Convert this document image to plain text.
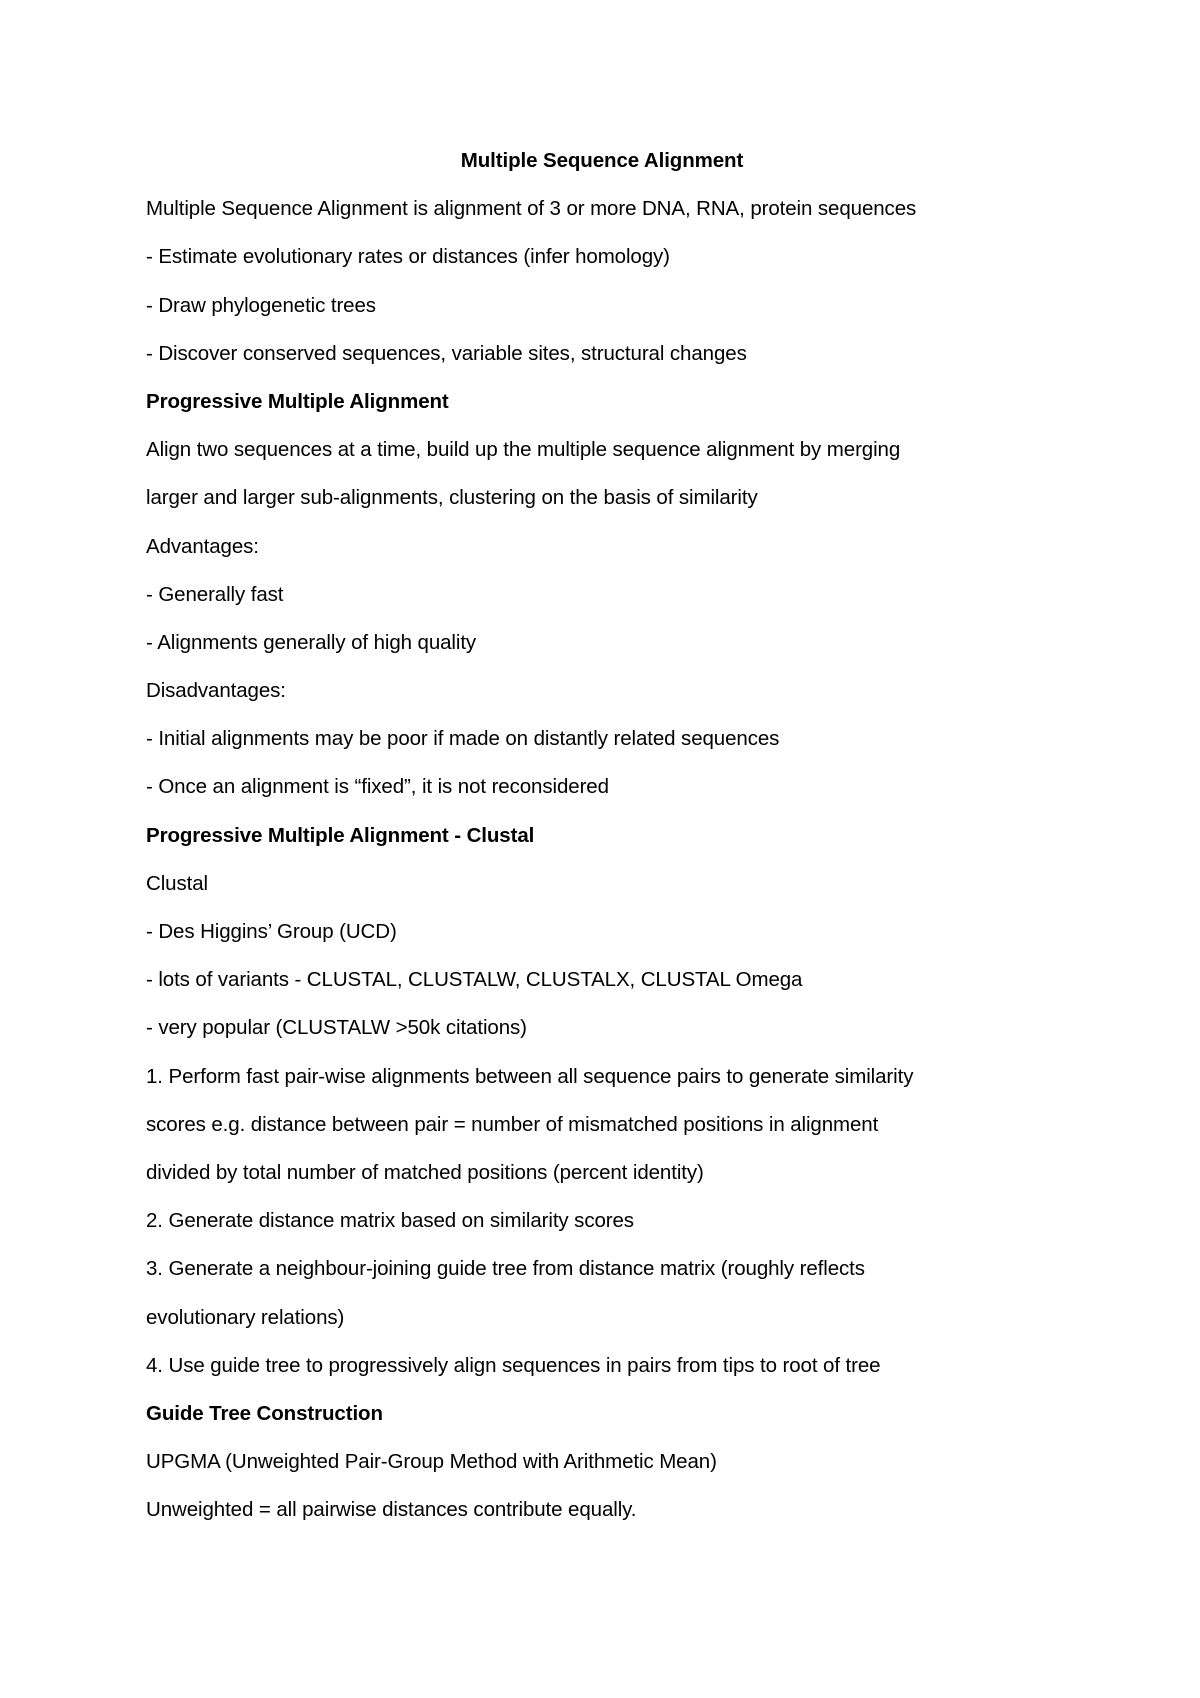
Multiple Sequence Alignment
Multiple Sequence Alignment is alignment of 3 or more DNA, RNA, protein sequences
- Estimate evolutionary rates or distances (infer homology)
- Draw phylogenetic trees
- Discover conserved sequences, variable sites, structural changes
Progressive Multiple Alignment
Align two sequences at a time, build up the multiple sequence alignment by merging
larger and larger sub-alignments, clustering on the basis of similarity
Advantages:
- Generally fast
- Alignments generally of high quality
Disadvantages:
- Initial alignments may be poor if made on distantly related sequences
- Once an alignment is “fixed”, it is not reconsidered
Progressive Multiple Alignment - Clustal
Clustal
- Des Higgins’ Group (UCD)
- lots of variants - CLUSTAL, CLUSTALW, CLUSTALX, CLUSTAL Omega
- very popular (CLUSTALW >50k citations)
1. Perform fast pair-wise alignments between all sequence pairs to generate similarity
scores e.g. distance between pair = number of mismatched positions in alignment
divided by total number of matched positions (percent identity)
2. Generate distance matrix based on similarity scores
3. Generate a neighbour-joining guide tree from distance matrix (roughly reflects
evolutionary relations)
4. Use guide tree to progressively align sequences in pairs from tips to root of tree
Guide Tree Construction
UPGMA (Unweighted Pair-Group Method with Arithmetic Mean)
Unweighted = all pairwise distances contribute equally.
